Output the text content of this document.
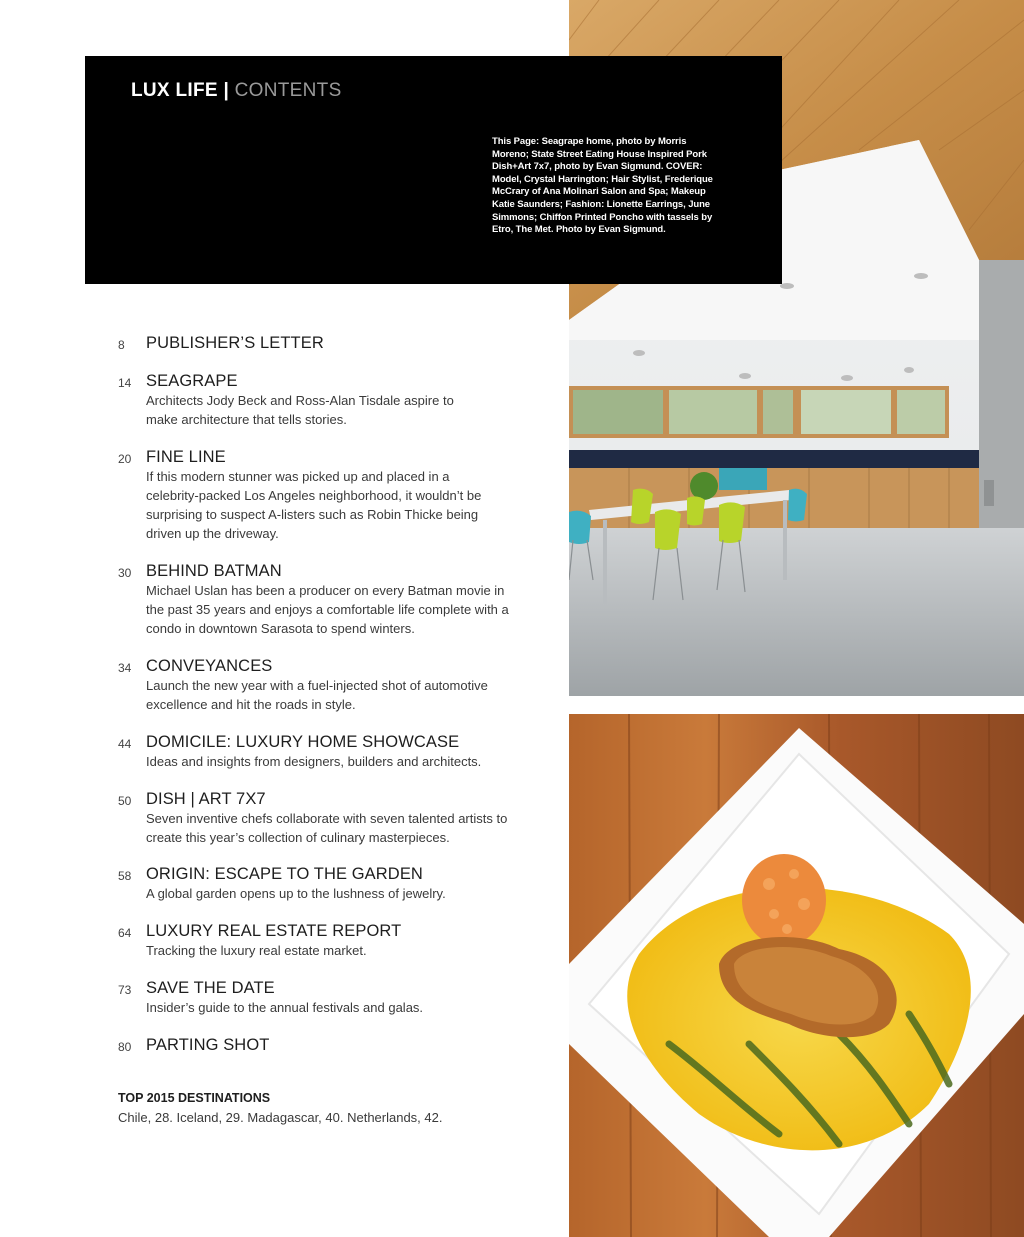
LUX LIFE | CONTENTS
This Page: Seagrape home, photo by Morris Moreno; State Street Eating House Inspired Pork Dish+Art 7x7, photo by Evan Sigmund. COVER: Model, Crystal Harrington; Hair Stylist, Frederique McCrary of Ana Molinari Salon and Spa; Makeup Katie Saunders; Fashion: Lionette Earrings, June Simmons; Chiffon Printed Poncho with tassels by Etro, The Met. Photo by Evan Sigmund.
8	PUBLISHER’S LETTER
14 SEAGRAPE
Architects Jody Beck and Ross-Alan Tisdale aspire to make architecture that tells stories.
20 FINE LINE
If this modern stunner was picked up and placed in a celebrity-packed Los Angeles neighborhood, it wouldn’t be surprising to suspect A-listers such as Robin Thicke being driven up the driveway.
30 BEHIND BATMAN
Michael Uslan has been a producer on every Batman movie in the past 35 years and enjoys a comfortable life complete with a condo in downtown Sarasota to spend winters.
34 CONVEYANCES
Launch the new year with a fuel-injected shot of automotive excellence and hit the roads in style.
44 DOMICILE: LUXURY HOME SHOWCASE
Ideas and insights from designers, builders and architects.
50 DISH | ART 7X7
Seven inventive chefs collaborate with seven talented artists to create this year’s collection of culinary masterpieces.
58 ORIGIN: ESCAPE TO THE GARDEN
A global garden opens up to the lushness of jewelry.
64 LUXURY REAL ESTATE REPORT
Tracking the luxury real estate market.
73 SAVE THE DATE
Insider’s guide to the annual festivals and galas.
80 PARTING SHOT
TOP 2015 DESTINATIONS
Chile, 28. Iceland, 29. Madagascar, 40. Netherlands, 42.
